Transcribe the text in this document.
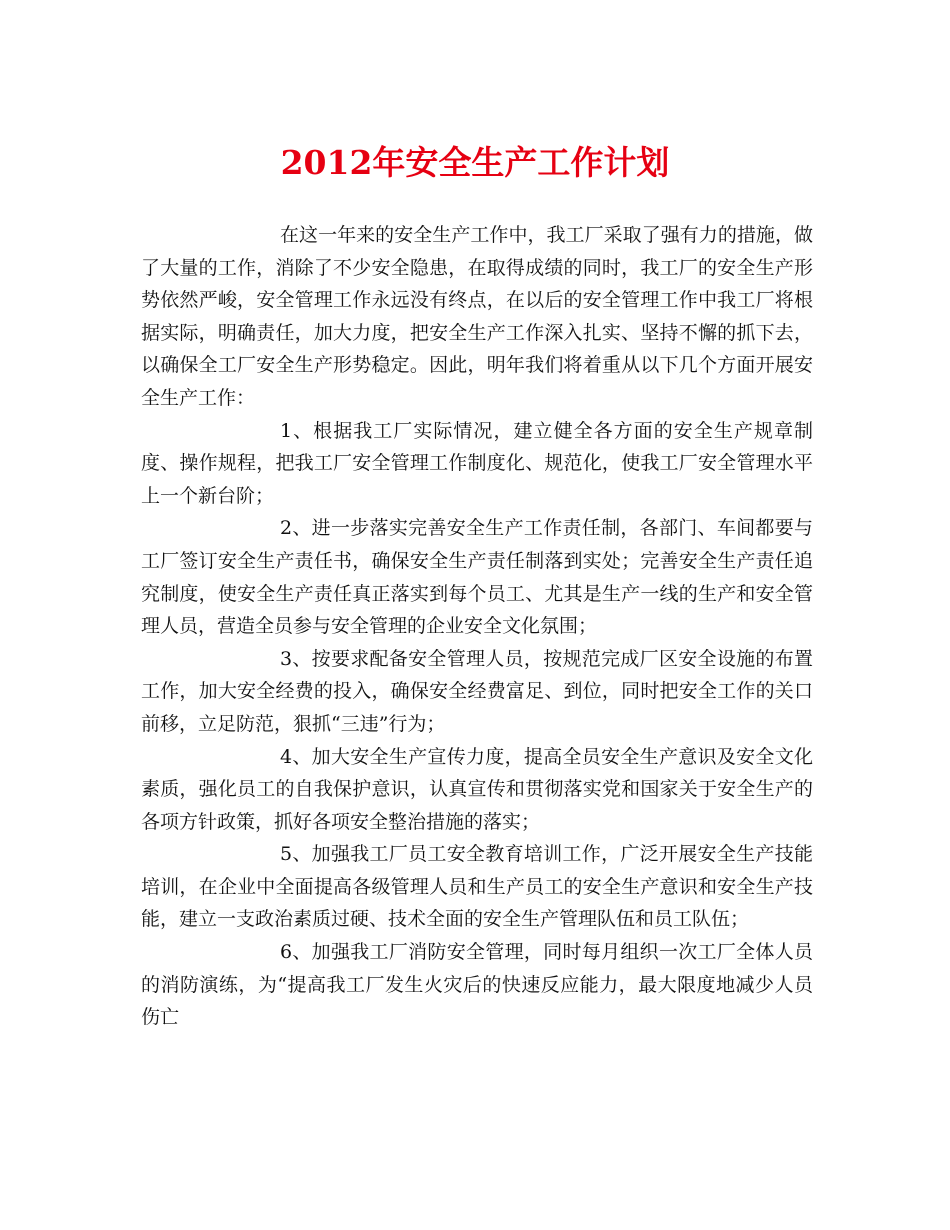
2012年安全生产工作计划

在这一年来的安全生产工作中，我工厂采取了强有力的措施，做了大量的工作，消除了不少安全隐患，在取得成绩的同时，我工厂的安全生产形势依然严峻，安全管理工作永远没有终点，在以后的安全管理工作中我工厂将根据实际，明确责任，加大力度，把安全生产工作深入扎实、坚持不懈的抓下去，以确保全工厂安全生产形势稳定。因此，明年我们将着重从以下几个方面开展安全生产工作：

1、根据我工厂实际情况，建立健全各方面的安全生产规章制度、操作规程，把我工厂安全管理工作制度化、规范化，使我工厂安全管理水平上一个新台阶；

2、进一步落实完善安全生产工作责任制，各部门、车间都要与工厂签订安全生产责任书，确保安全生产责任制落到实处；完善安全生产责任追究制度，使安全生产责任真正落实到每个员工、尤其是生产一线的生产和安全管理人员，营造全员参与安全管理的企业安全文化氛围；

3、按要求配备安全管理人员，按规范完成厂区安全设施的布置工作，加大安全经费的投入，确保安全经费富足、到位，同时把安全工作的关口前移，立足防范，狠抓“三违”行为；

4、加大安全生产宣传力度，提高全员安全生产意识及安全文化素质，强化员工的自我保护意识，认真宣传和贯彻落实党和国家关于安全生产的各项方针政策，抓好各项安全整治措施的落实；

5、加强我工厂员工安全教育培训工作，广泛开展安全生产技能培训，在企业中全面提高各级管理人员和生产员工的安全生产意识和安全生产技能，建立一支政治素质过硬、技术全面的安全生产管理队伍和员工队伍；

6、加强我工厂消防安全管理，同时每月组织一次工厂全体人员的消防演练，为“提高我工厂发生火灾后的快速反应能力，最大限度地减少人员伤亡
